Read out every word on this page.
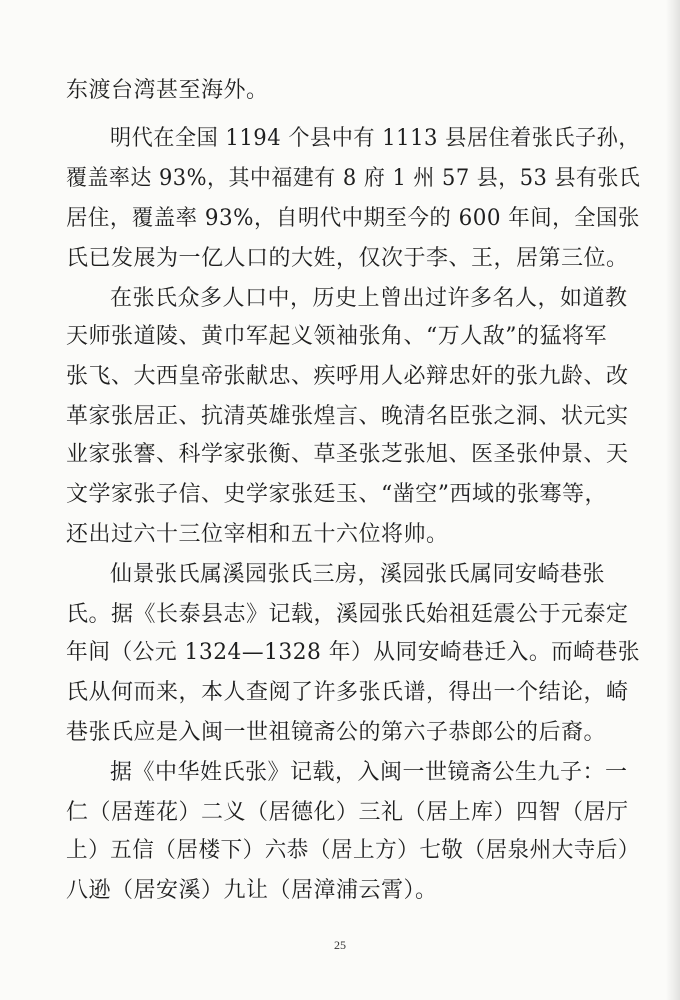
东渡台湾甚至海外。
明代在全国 1194 个县中有 1113 县居住着张氏子孙，
覆盖率达 93%，其中福建有 8 府 1 州 57 县，53 县有张氏
居住，覆盖率 93%，自明代中期至今的 600 年间，全国张
氏已发展为一亿人口的大姓，仅次于李、王，居第三位。
在张氏众多人口中，历史上曾出过许多名人，如道教
天师张道陵、黄巾军起义领袖张角、“万人敌”的猛将军
张飞、大西皇帝张献忠、疾呼用人必辩忠奸的张九龄、改
革家张居正、抗清英雄张煌言、晚清名臣张之洞、状元实
业家张謇、科学家张衡、草圣张芝张旭、医圣张仲景、天
文学家张子信、史学家张廷玉、“凿空”西域的张骞等，
还出过六十三位宰相和五十六位将帅。
仙景张氏属溪园张氏三房，溪园张氏属同安崎巷张
氏。据《长泰县志》记载，溪园张氏始祖廷震公于元泰定
年间（公元 1324—1328 年）从同安崎巷迁入。而崎巷张
氏从何而来，本人查阅了许多张氏谱，得出一个结论，崎
巷张氏应是入闽一世祖镜斋公的第六子恭郎公的后裔。
据《中华姓氏张》记载，入闽一世镜斋公生九子：一
仁（居莲花）二义（居德化）三礼（居上库）四智（居厅
上）五信（居楼下）六恭（居上方）七敬（居泉州大寺后）
八逊（居安溪）九让（居漳浦云霄）。
25
